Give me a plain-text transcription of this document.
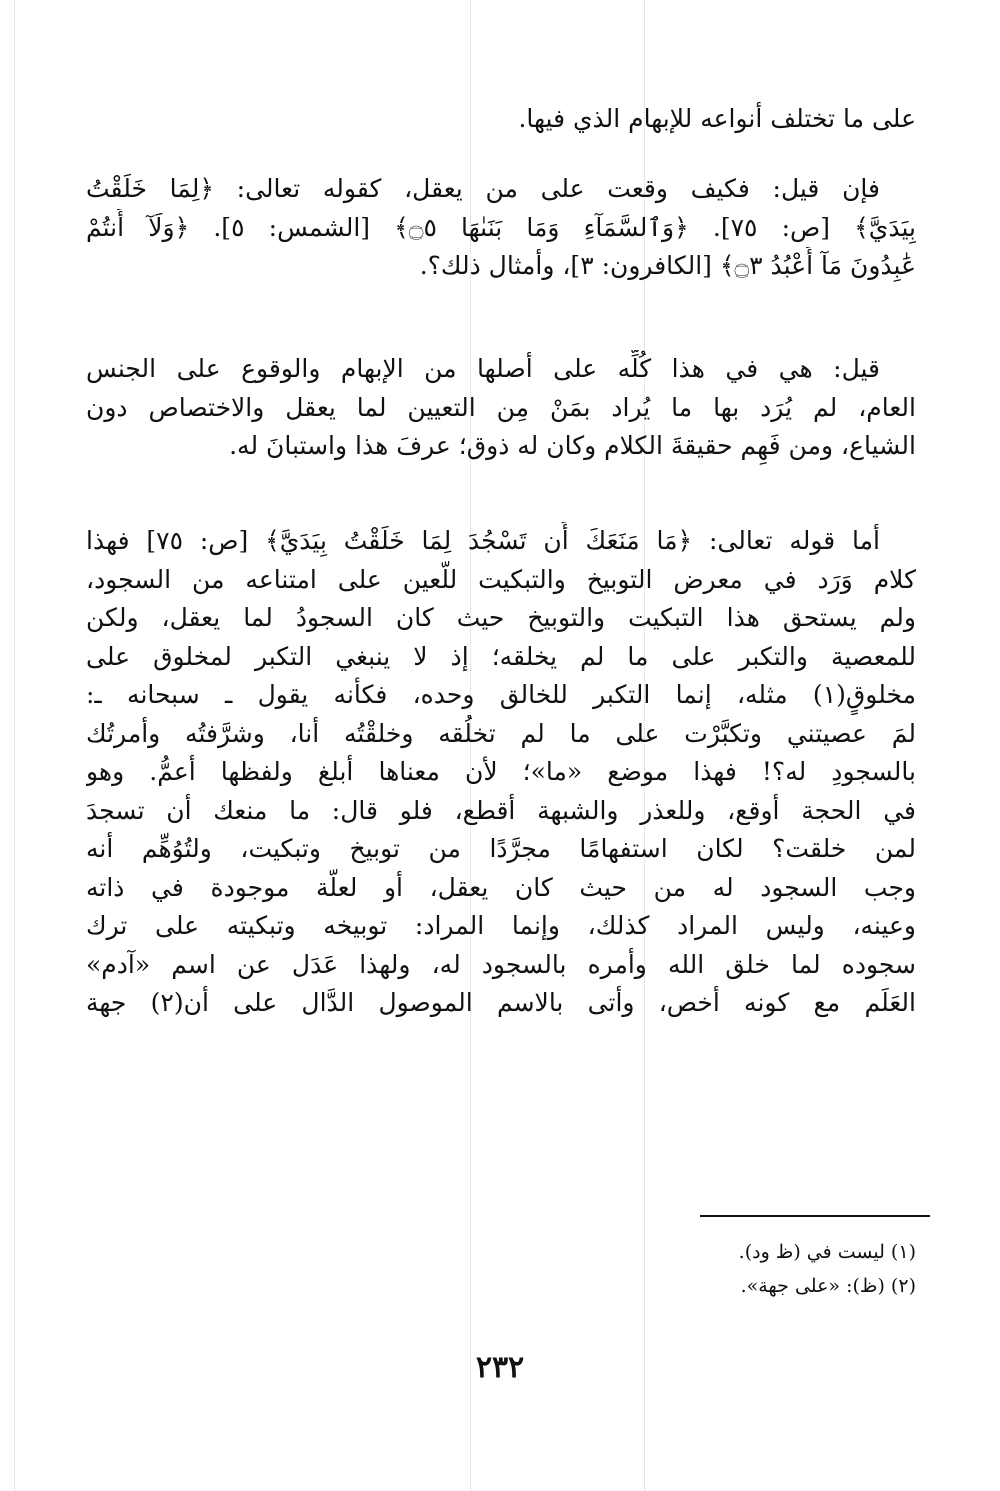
على ما تختلف أنواعه للإبهام الذي فيها.
فإن قيل: فكيف وقعت على من يعقل، كقوله تعالى: ﴿لِمَا خَلَقْتُ
بِيَدَيَّ﴾ [ص: ٧٥]. ﴿وَٱلسَّمَآءِ وَمَا بَنَىٰهَا ۝٥﴾ [الشمس: ٥]. ﴿وَلَآ أَنتُمْ
عَٰبِدُونَ مَآ أَعْبُدُ ۝٣﴾ [الكافرون: ٣]، وأمثال ذلك؟.
قيل: هي في هذا كُلِّه على أصلها من الإبهام والوقوع على الجنس
العام، لم يُرَد بها ما يُراد بمَنْ مِن التعيين لما يعقل والاختصاص دون
الشياع، ومن فَهِم حقيقةَ الكلام وكان له ذوق؛ عرفَ هذا واستبانَ له.
أما قوله تعالى: ﴿مَا مَنَعَكَ أَن تَسْجُدَ لِمَا خَلَقْتُ بِيَدَيَّ﴾ [ص: ٧٥] فهذا
كلام وَرَد في معرض التوبيخ والتبكيت للَّعين على امتناعه من السجود،
ولم يستحق هذا التبكيت والتوبيخ حيث كان السجودُ لما يعقل، ولكن
للمعصية والتكبر على ما لم يخلقه؛ إذ لا ينبغي التكبر لمخلوق على
مخلوقٍ(١) مثله، إنما التكبر للخالق وحده، فكأنه يقول ـ سبحانه ـ:
لمَ عصيتني وتكبَّرْت على ما لم تخلُقه وخلقْتُه أنا، وشرَّفتُه وأمرتُك
بالسجودِ له؟! فهذا موضع «ما»؛ لأن معناها أبلغ ولفظها أعمُّ. وهو
في الحجة أوقع، وللعذر والشبهة أقطع، فلو قال: ما منعك أن تسجدَ
لمن خلقت؟ لكان استفهامًا مجرَّدًا من توبيخ وتبكيت، ولتُوُهِّم أنه
وجب السجود له من حيث كان يعقل، أو لعلَّة موجودة في ذاته
وعينه، وليس المراد كذلك، وإنما المراد: توبيخه وتبكيته على ترك
سجوده لما خلق الله وأمره بالسجود له، ولهذا عَدَل عن اسم «آدم»
العَلَم مع كونه أخص، وأتى بالاسم الموصول الدَّال على أن(٢) جهة
(١) ليست في (ظ ود).
(٢) (ظ): «على جهة».
٢٣٢
